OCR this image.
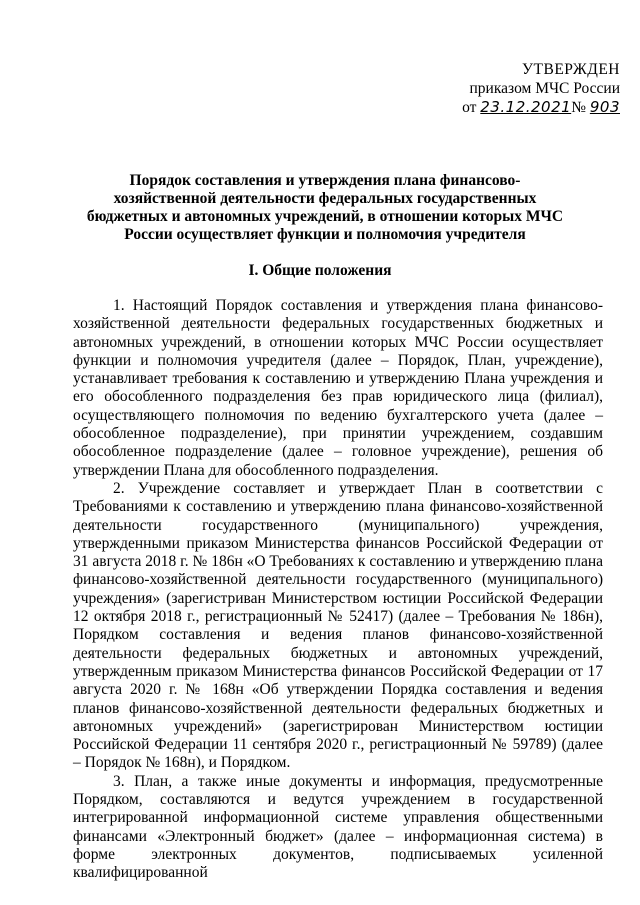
УТВЕРЖДЕН
приказом МЧС России
от 23.12.2021№ 903
Порядок составления и утверждения плана финансово-хозяйственной деятельности федеральных государственных бюджетных и автономных учреждений, в отношении которых МЧС России осуществляет функции и полномочия учредителя
I. Общие положения

1. Настоящий Порядок составления и утверждения плана финансово-хозяйственной деятельности федеральных государственных бюджетных и автономных учреждений, в отношении которых МЧС России осуществляет функции и полномочия учредителя (далее – Порядок, План, учреждение), устанавливает требования к составлению и утверждению Плана учреждения и его обособленного подразделения без прав юридического лица (филиал), осуществляющего полномочия по ведению бухгалтерского учета (далее – обособленное подразделение), при принятии учреждением, создавшим обособленное подразделение (далее – головное учреждение), решения об утверждении Плана для обособленного подразделения.

2. Учреждение составляет и утверждает План в соответствии с Требованиями к составлению и утверждению плана финансово-хозяйственной деятельности государственного (муниципального) учреждения, утвержденными приказом Министерства финансов Российской Федерации от 31 августа 2018 г. № 186н «О Требованиях к составлению и утверждению плана финансово-хозяйственной деятельности государственного (муниципального) учреждения» (зарегистриван Министерством юстиции Российской Федерации 12 октября 2018 г., регистрационный № 52417) (далее – Требования № 186н), Порядком составления и ведения планов финансово-хозяйственной деятельности федеральных бюджетных и автономных учреждений, утвержденным приказом Министерства финансов Российской Федерации от 17 августа 2020 г. № 168н «Об утверждении Порядка составления и ведения планов финансово-хозяйственной деятельности федеральных бюджетных и автономных учреждений» (зарегистрирован Министерством юстиции Российской Федерации 11 сентября 2020 г., регистрационный № 59789) (далее – Порядок № 168н), и Порядком.

3. План, а также иные документы и информация, предусмотренные Порядком, составляются и ведутся учреждением в государственной интегрированной информационной системе управления общественными финансами «Электронный бюджет» (далее – информационная система) в форме электронных документов, подписываемых усиленной квалифицированной
